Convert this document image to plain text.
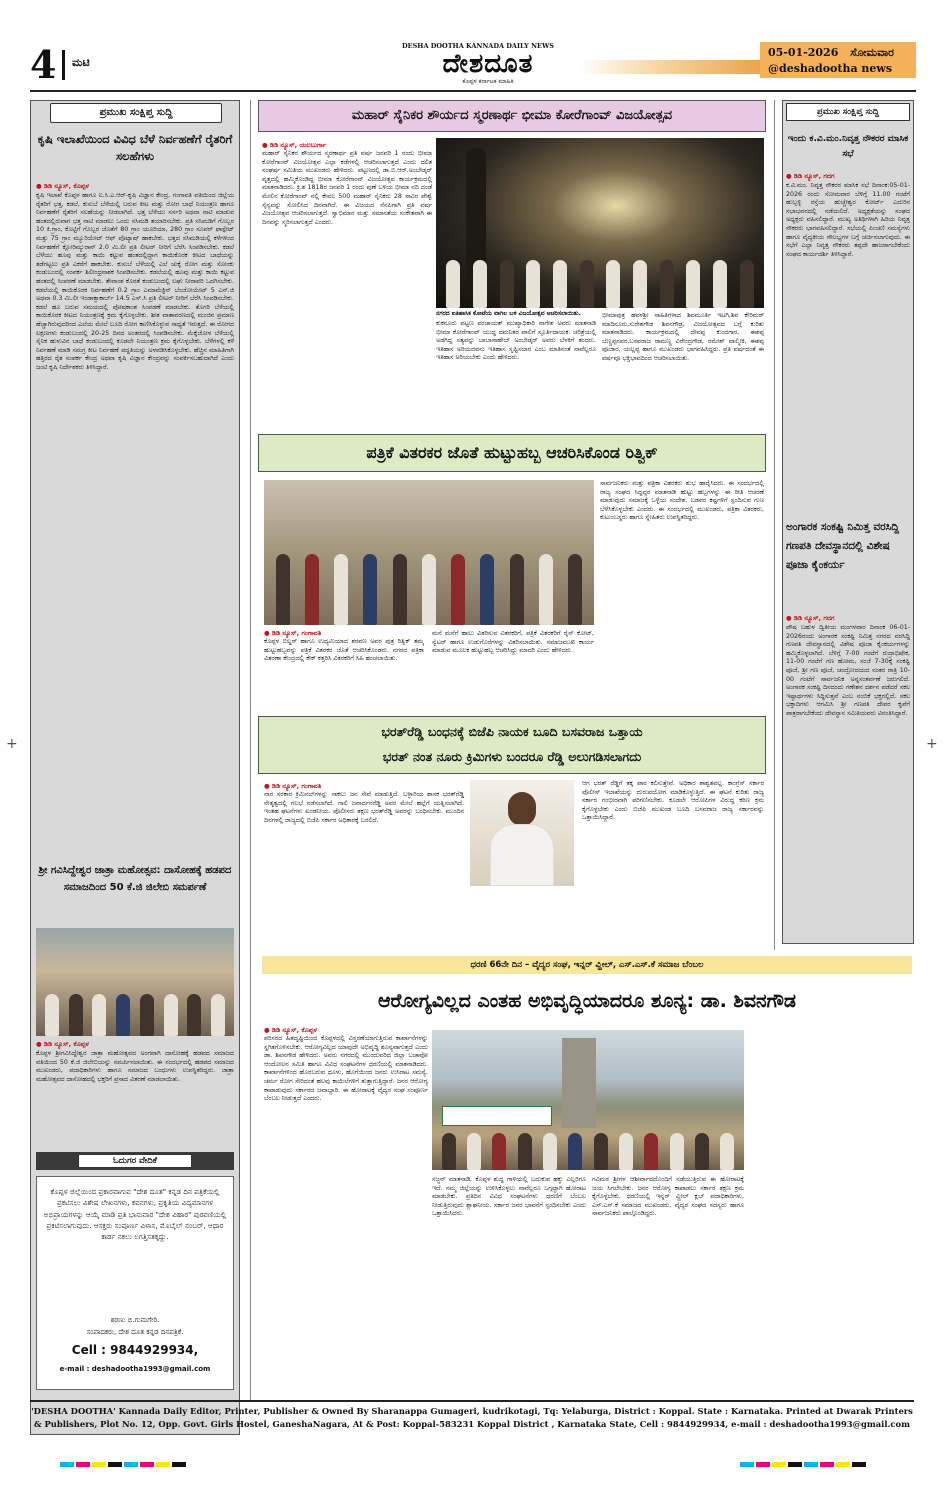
4 ಮಟಿ
DESHA DOOTHA KANNADA DAILY NEWS
ದೇಶದೂತ
ಕೊಪ್ಪಳ ಕರ್ನಾಟಕ ಮಾಹಿತಿ
05-01-2026 ಸೋಮವಾರ
@deshadootha news
ಪ್ರಮುಖ ಸಂಕ್ಷಿಪ್ತ ಸುದ್ದಿ
ಕೃಷಿ ಇಲಾಖೆಯಿಂದ ವಿವಿಧ ಬೆಳೆ ನಿರ್ವಹಣೆಗೆ ರೈತರಿಗೆ ಸಲಹೆಗಳು
● ಡಿಡಿ ನ್ಯೂಸ್, ಕೊಪ್ಪಳ
ಕೃಷಿ ಇಲಾಖೆ ಕೊಪ್ಪಳ ಹಾಗೂ ಐ.ಸಿ.ಎ.ಆರ್-ಕೃಷಿ ವಿಜ್ಞಾನ ಕೇಂದ್ರ, ಗಂಗಾವತಿ ವತಿಯಿಂದ ಜಿಲ್ಲೆಯ ರೈತರಿಗೆ ಭತ್ತ, ಕಡಲೆ, ಕುಸುಬೆ ಬೆಳೆಯಲ್ಲಿ ಬರುವ ಕೀಟ ಮತ್ತು ರೋಗ ಬಾಧೆ ನಿಯಂತ್ರಣ ಹಾಗೂ ನಿರ್ವಹಣೆಗೆ ರೈತರಿಗೆ ಸಲಹೆಯನ್ನು ನೀಡಲಾಗಿದೆ. ಭತ್ತ ಬೆಳೆಯು ನರ್ಸರಿ ಅಥವಾ ನಾಟಿ ಮಾಡುವ ಹಂತದಲ್ಲಿರುವಾಗ ಭತ್ತ ನಾಟಿ ಮಾಡಲು ಒಂದು ಸಸಿಮಡಿ ತಯಾರಿಸಬೇಕು. ಪ್ರತಿ ಸಸಿಮಡಿಗೆ ಗೊಬ್ಬರ 10 ಕಿ.ಗ್ರಾಂ, ಕೊಟ್ಟಿಗೆ ಗೊಬ್ಬರ ಜೊತೆಗೆ 80 ಗ್ರಾಂ ಯೂರಿಯಾ, 280 ಗ್ರಾಂ ಸೂಪರ್ ಫಾಸ್ಫೇಟ್ ಮತ್ತು 75 ಗ್ರಾಂ ಮ್ಯೂರಿಯೇಟ್ ಆಫ್ ಪೊಟ್ಯಾಷ್ ಹಾಕಬೇಕು. ಭತ್ತದ ಸಸಿಮಡಿಯಲ್ಲಿ ಕಳೆಗಳಿಂದ ನಿರ್ವಹಣೆಗೆ ಕ್ಲೋರಿಮ್ಯುರಾನ್ 2.0 ಮಿ.ಲೀ ಪ್ರತಿ ಲೀಟರ್ ನೀರಿಗೆ ಬೆರೆಸಿ ಸಿಂಪಡಿಸಬೇಕು. ಕಡಲೆ ಬೆಳೆಯು ಹೂವು ಮತ್ತು ಕಾಯಿ ಕಟ್ಟುವ ಹಂತದಲ್ಲಿದ್ದಾಗ ಕಾಯಿಕೊರಕ ಕೀಟದ ಬಾಧೆಯನ್ನು ತಡೆಗಟ್ಟಲು ಪ್ರತಿ ಎಕರೆಗೆ ಹಾಕಬೇಕು. ಕುಸುಬೆ ಬೆಳೆಯಲ್ಲಿ ಎಲೆ ಚುಕ್ಕೆ ರೋಗ ಮತ್ತು ಸೋಂಕು ಕಂಡುಬಂದಲ್ಲಿ ಸಂಪರ್ಕ ಶಿಲೀಂಧ್ರನಾಶಕ ಸಿಂಪಡಿಸಬೇಕು. ಕಡಲೆಯಲ್ಲಿ ಹೂವು ಮತ್ತು ಕಾಯಿ ಕಟ್ಟುವ ಹಂತದಲ್ಲಿ ಸಿಂಪರಣೆ ಮಾಡಬೇಕು. ತೇವಾಂಶ ಕೊರತೆ ಕಂಡುಬಂದಲ್ಲಿ ಲಘು ನೀರಾವರಿ ಒದಗಿಸಬೇಕು. ಕಡಲೆಯಲ್ಲಿ ಕಾಯಿಕೊರಕ ನಿರ್ವಹಣೆಗೆ 0.2 ಗ್ರಾಂ ಎಮಾಮೆಕ್ಟಿನ್ ಬೆಂಜೋಯೇಟ್ 5 ಎಸ್.ಜಿ ಅಥವಾ 0.3 ಮಿ.ಲೀ ಇಂಡಾಕ್ಸಾಕಾರ್ಬ್ 14.5 ಎಸ್.ಸಿ ಪ್ರತಿ ಲೀಟರ್ ನೀರಿಗೆ ಬೆರೆಸಿ ಸಿಂಪಡಿಸಬೇಕು. ಕಡಲೆ ಹೂ ಬರುವ ಸಮಯದಲ್ಲಿ ಪೋಷಕಾಂಶ ಸಿಂಪಡಣೆ ಮಾಡಬೇಕು. ತೊಗರಿ ಬೆಳೆಯಲ್ಲಿ ಕಾಯಿಕೊರಕ ಕೀಟದ ನಿಯಂತ್ರಣಕ್ಕೆ ಕ್ರಮ ಕೈಗೊಳ್ಳಬೇಕು. ಶೀತ ವಾತಾವರಣದಲ್ಲಿ ಮಂಜಿನ ಪ್ರಮಾಣ ಹೆಚ್ಚಾಗಿರುವುದರಿಂದ ಎಲೆಯ ಮೇಲೆ ಬೂದಿ ರೋಗ ಕಾಣಿಸಿಕೊಳ್ಳುವ ಸಾಧ್ಯತೆ ಇರುತ್ತದೆ. ಈ ರೋಗದ ಲಕ್ಷಣಗಳು ಕಂಡುಬಂದಲ್ಲಿ 20-25 ದಿನದ ಅಂತರದಲ್ಲಿ ಸಿಂಪಡಿಸಬೇಕು. ಮೆಕ್ಕೆಜೋಳ ಬೆಳೆಯಲ್ಲಿ ಸೈನಿಕ ಹುಳುವಿನ ಬಾಧೆ ಕಂಡುಬಂದಲ್ಲಿ ಕೂಡಲೇ ನಿಯಂತ್ರಣ ಕ್ರಮ ಕೈಗೊಳ್ಳಬೇಕು. ಬೆಳೆಗಳಲ್ಲಿ ಕಳೆ ನಿರ್ವಹಣೆ ಮಾಡಿ ಸಮಗ್ರ ಕೀಟ ನಿರ್ವಹಣೆ ಪದ್ಧತಿಯನ್ನು ಅಳವಡಿಸಿಕೊಳ್ಳಬೇಕು. ಹೆಚ್ಚಿನ ಮಾಹಿತಿಗಾಗಿ ಹತ್ತಿರದ ರೈತ ಸಂಪರ್ಕ ಕೇಂದ್ರ ಅಥವಾ ಕೃಷಿ ವಿಜ್ಞಾನ ಕೇಂದ್ರವನ್ನು ಸಂಪರ್ಕಿಸಬಹುದಾಗಿದೆ ಎಂದು ಜಂಟಿ ಕೃಷಿ ನಿರ್ದೇಶಕರು ತಿಳಿಸಿದ್ದಾರೆ.
ಶ್ರೀ ಗವಿಸಿದ್ದೇಶ್ವರ ಜಾತ್ರಾ ಮಹೋತ್ಸವ: ದಾಸೋಹಕ್ಕೆ ಹಡಪದ ಸಮಾಜದಿಂದ 50 ಕೆ.ಜಿ ಜಿಲೇಬಿ ಸಮರ್ಪಣೆ
● ಡಿಡಿ ನ್ಯೂಸ್, ಕೊಪ್ಪಳ
ಕೊಪ್ಪಳ ಶ್ರೀಗವಿಸಿದ್ದೇಶ್ವರ ಜಾತ್ರಾ ಮಹೋತ್ಸವದ ಅಂಗವಾಗಿ ದಾಸೋಹಕ್ಕೆ ಹಡಪದ ಸಮಾಜದ ವತಿಯಿಂದ 50 ಕೆ.ಜಿ ಜಿಲೇಬಿಯನ್ನು ಸಮರ್ಪಿಸಲಾಯಿತು. ಈ ಸಂದರ್ಭದಲ್ಲಿ ಹಡಪದ ಸಮಾಜದ ಮುಖಂಡರು, ಪದಾಧಿಕಾರಿಗಳು ಹಾಗೂ ಸಮಾಜದ ಬಂಧುಗಳು ಉಪಸ್ಥಿತರಿದ್ದರು. ಜಾತ್ರಾ ಮಹೋತ್ಸವದ ದಾಸೋಹದಲ್ಲಿ ಭಕ್ತರಿಗೆ ಪ್ರಸಾದ ವಿತರಣೆ ಮಾಡಲಾಯಿತು.
ಓದುಗರ ವೇದಿಕೆ
ಕೊಪ್ಪಳ ಜಿಲ್ಲೆಯಿಂದ ಪ್ರಕಾರವಾಗುವ "ದೇಶ ದೂತ" ಕನ್ನಡ ದಿನ ಪತ್ರಿಕೆಯಲ್ಲಿ ಪ್ರಕಟಿಸಲು ವಿಶೇಷ ಲೇಖನಗಳು, ಕವನಗಳು, ಪ್ರಕೃತಿಯ ವಿದ್ಯಮಾನಗಳ ಅಭಿಪ್ರಾಯಗಳನ್ನು ಆಯ್ಕೆ ಮಾಡಿ ಪ್ರತಿ ಭಾನುವಾರ "ದೇಶ ವಿಹಾರ" ಪುರವಣಿಯಲ್ಲಿ ಪ್ರಕಟಿಸಲಾಗುವುದು. ಆಸಕ್ತರು ಸಂಪೂರ್ಣ ವಿಳಾಸ, ಮೊಬೈಲ್ ನಂಬರ್, ಆಧಾರ ಕಾರ್ಡ ನಕಲು ಲಗತ್ತಿಸತಕ್ಕದ್ದು.
ಶರಣು ಬಿ.ಗುಮಗೇರಿ.
ಸಂಪಾದಕರು, ದೇಶ ದೂತ ಕನ್ನಡ ದಿನಪತ್ರಿಕೆ.
Cell : 9844929934,
e-mail : deshadootha1993@gmail.com
ಮಹಾರ್ ಸೈನಿಕರ ಶೌರ್ಯದ ಸ್ಮರಣಾರ್ಥ ಭೀಮಾ ಕೋರೆಗಾಂವ್ ವಿಜಯೋತ್ಸವ
● ಡಿಡಿ ನ್ಯೂಸ್, ಯಲಬುರ್ಗಾ
ಮಹಾರ್ ಸೈನಿಕರ ಶೌರ್ಯದ ಸ್ಮರಣಾರ್ಥ ಪ್ರತಿ ವರ್ಷ ಜನವರಿ 1 ರಂದು ಭೀಮಾ ಕೋರೆಗಾಂವ್ ವಿಜಯೋತ್ಸವ ಎಲ್ಲಾ ಕಡೆಗಳಲ್ಲಿ ಆಚರಿಸಲಾಗುತ್ತದೆ ಎಂದು ದಲಿತ ಸಂಘರ್ಷ ಸಮಿತಿಯ ಮುಖಂಡರು ಹೇಳಿದರು. ಪಟ್ಟಣದಲ್ಲಿ ಡಾ.ಬಿ.ಆರ್.ಅಂಬೇಡ್ಕರ್ ವೃತ್ತದಲ್ಲಿ ಹಮ್ಮಿಕೊಂಡಿದ್ದ ಭೀಮಾ ಕೋರೆಗಾಂವ್ ವಿಜಯೋತ್ಸವ ಕಾರ್ಯಕ್ರಮದಲ್ಲಿ ಮಾತನಾಡಿದರು. ಕ್ರಿ.ಶ 1818ರ ಜನವರಿ 1 ರಂದು ಪುಣೆ ಬಳಿಯ ಭೀಮಾ ನದಿ ದಂಡೆ ಮೇಲಿನ ಕೋರೆಗಾಂವ್ ನಲ್ಲಿ ಕೇವಲ 500 ಮಹಾರ್ ಸೈನಿಕರು 28 ಸಾವಿರ ಪೇಶ್ವೆ ಸೈನ್ಯವನ್ನು ಸೋಲಿಸಿದ ದಿನವಾಗಿದೆ. ಈ ವಿಜಯದ ನೆನಪಿಗಾಗಿ ಪ್ರತಿ ವರ್ಷ ವಿಜಯೋತ್ಸವ ಆಚರಿಸಲಾಗುತ್ತದೆ. ಸ್ವಾಭಿಮಾನ ಮತ್ತು ಸಮಾನತೆಯ ಸಂಕೇತವಾಗಿ ಈ ದಿನವನ್ನು ಸ್ಮರಿಸಲಾಗುತ್ತದೆ ಎಂದರು.
ನಗರದ ಐತಿಹಾಸಿಕ ಕೋಟೆಯ ವಾಗಿಲ ಬಳಿ ವಿಜಯೋತ್ಸವ ಆಚರಿಸಲಾಯಿತು.
ಕುಕನೂರು ಪಟ್ಟಣ ಪಂಚಾಯತ್ ಮುಖ್ಯಾಧಿಕಾರಿ ನಾಗೇಶ ಅವರು ಮಾತನಾಡಿ ಭೀಮಾ ಕೋರೆಗಾಂವ್ ಯುದ್ಧ ದಮನಿತರ ಪಾಲಿಗೆ ಸ್ಫೂರ್ತಿದಾಯಕ. ಚರಿತ್ರೆಯಲ್ಲಿ ಅಡಗಿದ್ದ ಸತ್ಯವನ್ನು ಬಾಬಾಸಾಹೇಬ್ ಅಂಬೇಡ್ಕರ್ ಅವರು ಬೆಳಕಿಗೆ ತಂದರು. ಇತಿಹಾಸ ಅರಿಯದವನು ಇತಿಹಾಸ ಸೃಷ್ಟಿಸಲಾರ ಎಂಬ ಮಾತಿನಂತೆ ನಾವೆಲ್ಲರೂ ಇತಿಹಾಸ ಅರಿಯಬೇಕು ಎಂದು ಹೇಳಿದರು.
ಭೀಮಾಪುತ್ರ ಹವಳಶ್ರೀ ಸಾಹಿತಿಗಳಾದ ಶಿವಮೂರ್ತಿ ಇಟಗಿ,ಶಿವ ಕೇರಿಮಠ್ ಮಾದಿನೂರು,ಸುರೇಶಗೌಡ ಶಿವನಗೌಡ್ರ, ವಿಜಯೋತ್ಸವದ ಬಗ್ಗೆ ಕುರಿತು ಮಾತನಾಡಿದರು. ಕಾರ್ಯಕ್ರಮದಲ್ಲಿ ದೇವಪ್ಪ ಕುಂದಗಾರ, ಈಶಪ್ಪ ಬೆಣ್ಣಪ್ಪನವರ,ಬಸವರಾಜ ರಾಮಣ್ಣ ವಿರೇಂದ್ರಗೌಡ, ರಮೇಶ್ ವಾಲ್ಮೀಕಿ, ಈಶಪ್ಪ ಪೂಜಾರ, ಯಲ್ಲಪ್ಪ ಹಾಗೂ ಮುಖಂಡರು ಭಾಗವಹಿಸಿದ್ದರು. ಪ್ರತಿ ವರ್ಷದಂತೆ ಈ ವರ್ಷವೂ ಭಕ್ತಿಭಾವದಿಂದ ಆಚರಿಸಲಾಯಿತು.
ಪತ್ರಿಕೆ ವಿತರಕರ ಜೊತೆ ಹುಟ್ಟುಹಬ್ಬ ಆಚರಿಸಿಕೊಂಡ ರಿತ್ವಿಕ್
● ಡಿಡಿ ನ್ಯೂಸ್, ಗಂಗಾವತಿ
ಕೊಪ್ಪಳ ಬಿಲ್ಡರ್ ಹಾಗೂ ಉದ್ಯಮಿಯಾದ ಶರವಣ ಅವರ ಪುತ್ರ ರಿತ್ವಿಕ್ ತಮ್ಮ ಹುಟ್ಟುಹಬ್ಬವನ್ನು ಪತ್ರಿಕೆ ವಿತರಕರ ಜೊತೆ ಆಚರಿಸಿಕೊಂಡರು. ನಗರದ ಪತ್ರಿಕಾ ವಿತರಣಾ ಕೇಂದ್ರದಲ್ಲಿ ಕೇಕ್ ಕತ್ತರಿಸಿ ವಿತರಕರಿಗೆ ಸಿಹಿ ಹಂಚಲಾಯಿತು.
ಮನೆ ಮನೆಗೆ ಹಾಲು ವಿತರಿಸುವ ವಿತರಕರಿಗೆ, ಪತ್ರಿಕೆ ವಿತರಕರಿಗೆ ರೈನ್ ಕೋಟ್, ಸ್ವೆಟರ್ ಹಾಗೂ ಉಡುಗೊರೆಗಳನ್ನು ವಿತರಿಸಲಾಯಿತು. ಸಮಾಜಮುಖಿ ಕಾರ್ಯ ಮಾಡುವ ಮೂಲಕ ಹುಟ್ಟುಹಬ್ಬ ಆಚರಿಸಿದ್ದು ಮಾದರಿ ಎಂದು ಹೇಳಿದರು.
ಸಾರ್ವಜನಿಕರು ಮತ್ತು ಪತ್ರಿಕಾ ವಿತರಕರು ಶುಭ ಹಾರೈಸಿದರು. ಈ ಸಂದರ್ಭದಲ್ಲಿ ರಾಜ್ಯ ಸಂಘದ ಸಿದ್ದಪ್ಪರ ಮಾತನಾಡಿ ಹುಟ್ಟು ಹಬ್ಬಗಳನ್ನು ಈ ರೀತಿ ಆಚರಣೆ ಮಾಡುವುದು ಸಮಾಜಕ್ಕೆ ಒಳ್ಳೆಯ ಸಂದೇಶ. ಬಡವರ ಕಷ್ಟಗಳಿಗೆ ಸ್ಪಂದಿಸುವ ಗುಣ ಬೆಳೆಸಿಕೊಳ್ಳಬೇಕು ಎಂದರು. ಈ ಸಂದರ್ಭದಲ್ಲಿ ಮುಖಂಡರು, ಪತ್ರಿಕಾ ವಿತರಕರು, ಕುಟುಂಬಸ್ಥರು ಹಾಗೂ ಸ್ನೇಹಿತರು ಉಪಸ್ಥಿತರಿದ್ದರು.
ಭರತ್‌ರೆಡ್ಡಿ ಬಂಧನಕ್ಕೆ ಬಿಜೆಪಿ ನಾಯಕ ಬೂದಿ ಬಸವರಾಜ ಒತ್ತಾಯ
ಭರತ್ ನಂತ ನೂರು ಕ್ರಿಮಿಗಳು ಬಂದರೂ ರೆಡ್ಡಿ ಅಲುಗಡಿಸಲಾಗದು
● ಡಿಡಿ ನ್ಯೂಸ್, ಗಂಗಾವತಿ
ನಾರ ಸರಕಾರ ಕ್ರಿಮಿನಲ್‌ಗಳನ್ನು ಸಾಕಲು ಜನ ಸೇವೆ ಮಾಡುತ್ತಿದೆ. ಬಳ್ಳಾರಿಯ ಶಾಸಕ ಭರತ್‌ರೆಡ್ಡಿ ನೇತೃತ್ವದಲ್ಲಿ ಗಲಭೆ ನಡೆಸಲಾಗಿದೆ. ಗಾಲಿ ಜನಾರ್ದನರೆಡ್ಡಿ ಅವರ ಮೇಲೆ ಹಲ್ಲೆಗೆ ಯತ್ನಿಸಲಾಗಿದೆ. ಇಂತಹ ಘಟನೆಗಳು ಖಂಡನೀಯ. ಪೊಲೀಸರು ತಕ್ಷಣ ಭರತ್‌ರೆಡ್ಡಿ ಅವರನ್ನು ಬಂಧಿಸಬೇಕು. ಮುಂದಿನ ದಿನಗಳಲ್ಲಿ ರಾಜ್ಯದಲ್ಲಿ ಬಿಜೆಪಿ ಸರ್ಕಾರ ಅಧಿಕಾರಕ್ಕೆ ಬರಲಿದೆ.
ಆಗ ಭರತ್ ರೆಡ್ಡಿಗೆ ತಕ್ಕ ಪಾಠ ಕಲಿಸುತ್ತೇವೆ. ಅಧಿಕಾರ ಶಾಶ್ವತವಲ್ಲ. ಕಾಂಗ್ರೆಸ್ ಸರ್ಕಾರ ಪೊಲೀಸ್ ಇಲಾಖೆಯನ್ನು ದುರುಪಯೋಗ ಮಾಡಿಕೊಳ್ಳುತ್ತಿದೆ. ಈ ಘಟನೆ ಕುರಿತು ರಾಜ್ಯ ಸರ್ಕಾರ ಗಂಭೀರವಾಗಿ ಪರಿಗಣಿಸಬೇಕು. ಕೂಡಲೇ ಆರೋಪಿಗಳ ವಿರುದ್ಧ ಕಠಿಣ ಕ್ರಮ ಕೈಗೊಳ್ಳಬೇಕು ಎಂದು ಬಿಜೆಪಿ ಮುಖಂಡ ಬೂದಿ ಬಸವರಾಜ ರಾಜ್ಯ ಸರ್ಕಾರವನ್ನು ಒತ್ತಾಯಿಸಿದ್ದಾರೆ.
ಧರಣಿ 66ನೇ ದಿನ – ವೈದ್ಯರ ಸಂಘ, ಇನ್ನರ್ ವ್ಹೀಲ್, ಎಸ್.ಎಸ್.ಕೆ ಸಮಾಜ ಬೆಂಬಲ
ಆರೋಗ್ಯವಿಲ್ಲದ ಎಂತಹ ಅಭಿವೃದ್ಧಿಯಾದರೂ ಶೂನ್ಯ: ಡಾ. ಶಿವನಗೌಡ
● ಡಿಡಿ ನ್ಯೂಸ್, ಕೊಪ್ಪಳ
ಪರಿಸರದ ಹಿತದೃಷ್ಟಿಯಿಂದ ಕೊಪ್ಪಳದಲ್ಲಿ ವಿಸ್ತರಣೆಯಾಗುತ್ತಿರುವ ಕಾರ್ಖಾನೆಗಳನ್ನು ಸ್ಥಗಿತಗೊಳಿಸಬೇಕು. ಆರೋಗ್ಯವಿಲ್ಲದ ಯಾವುದೇ ಅಭಿವೃದ್ಧಿ ಶೂನ್ಯವಾಗುತ್ತದೆ ಎಂದು ಡಾ. ಶಿವನಗೌಡ ಹೇಳಿದರು. ಅವರು ನಗರದಲ್ಲಿ ಮುಂದುವರಿದ ಜಿಲ್ಲಾ ಬಚಾವೋ ಆಂದೋಲನ ಸಮಿತಿ ಹಾಗೂ ವಿವಿಧ ಸಂಘಟನೆಗಳ ಧರಣಿಯಲ್ಲಿ ಮಾತನಾಡಿದರು. ಕಾರ್ಖಾನೆಗಳಿಂದ ಹೊರಬರುವ ಧೂಳು, ಹೊಗೆಯಿಂದ ಜನರು ಉಸಿರಾಟ ಸಮಸ್ಯೆ, ಚರ್ಮ ರೋಗ ಸೇರಿದಂತೆ ಹಲವು ಕಾಯಿಲೆಗಳಿಗೆ ತುತ್ತಾಗುತ್ತಿದ್ದಾರೆ. ಜನರ ಆರೋಗ್ಯ ಕಾಪಾಡುವುದು ಸರ್ಕಾರದ ಜವಾಬ್ದಾರಿ. ಈ ಹೋರಾಟಕ್ಕೆ ವೈದ್ಯರ ಸಂಘ ಸಂಪೂರ್ಣ ಬೆಂಬಲ ನೀಡುತ್ತದೆ ಎಂದರು.
ಸಜ್ಜನ್ ಮಾತನಾಡಿ, ಕೊಪ್ಪಳ ಶುದ್ಧ ಗಾಳಿಯಲ್ಲಿ ಬದುಕುವ ಹಕ್ಕು ಎಲ್ಲರಿಗೂ ಇದೆ. ನಮ್ಮ ಜಿಲ್ಲೆಯನ್ನು ಉಳಿಸಿಕೊಳ್ಳಲು ನಾವೆಲ್ಲರೂ ಒಗ್ಗಟ್ಟಾಗಿ ಹೋರಾಟ ಮಾಡಬೇಕು. ಪ್ರತಿದಿನ ವಿವಿಧ ಸಂಘಟನೆಗಳು ಧರಣಿಗೆ ಬೆಂಬಲ ನೀಡುತ್ತಿರುವುದು ಶ್ಲಾಘನೀಯ. ಸರ್ಕಾರ ಜನರ ಭಾವನೆಗೆ ಸ್ಪಂದಿಸಬೇಕು ಎಂದು ಒತ್ತಾಯಿಸಿದರು.
ಗವಿಮಠ ಶ್ರೀಗಳ ಆಶೀರ್ವಾದದೊಂದಿಗೆ ನಡೆಯುತ್ತಿರುವ ಈ ಹೋರಾಟಕ್ಕೆ ಜಯ ಸಿಗಲೇಬೇಕು. ಜನರ ಆರೋಗ್ಯ ಕಾಪಾಡಲು ಸರ್ಕಾರ ತಕ್ಷಣ ಕ್ರಮ ಕೈಗೊಳ್ಳಬೇಕು. ಧರಣಿಯಲ್ಲಿ ಇನ್ನರ್ ವ್ಹೀಲ್ ಕ್ಲಬ್ ಪದಾಧಿಕಾರಿಗಳು, ಎಸ್.ಎಸ್.ಕೆ ಸಮಾಜದ ಮುಖಂಡರು, ವೈದ್ಯರ ಸಂಘದ ಸದಸ್ಯರು ಹಾಗೂ ಸಾರ್ವಜನಿಕರು ಪಾಲ್ಗೊಂಡಿದ್ದರು.
ಪ್ರಮುಖ ಸಂಕ್ಷಿಪ್ತ ಸುದ್ದಿ
ಇಂದು ಕ.ವಿ.ಮಂ.ನಿವೃತ್ತ ನೌಕರರ ಮಾಸಿಕ ಸಭೆ
● ಡಿಡಿ ನ್ಯೂಸ್, ಗದಗ
ಕ.ವಿ.ಮಂ. ನಿವೃತ್ತ ನೌಕರರ ಮಾಸಿಕ ಸಭೆ ದಿನಾಂಕ:05-01-2026 ರಂದು ಸೋಮವಾರ ಬೆಳಿಗ್ಗೆ 11.00 ಗಂಟೆಗೆ ಹುಬ್ಬಳ್ಳಿ ರಸ್ತೆಯ ಹುಚ್ಚೇಶ್ವರ ಕೋರ್ಟ್ ಎದುರಿನ ಸಭಾಭವನದಲ್ಲಿ ನಡೆಯಲಿದೆ. ಅಧ್ಯಕ್ಷತೆಯನ್ನು ಸಂಘದ ಅಧ್ಯಕ್ಷರು ವಹಿಸಲಿದ್ದಾರೆ. ಮುಖ್ಯ ಅತಿಥಿಗಳಾಗಿ ಹಿರಿಯ ನಿವೃತ್ತ ನೌಕರರು ಭಾಗವಹಿಸಲಿದ್ದಾರೆ. ಸಭೆಯಲ್ಲಿ ಪಿಂಚಣಿ ಸಮಸ್ಯೆಗಳು ಹಾಗೂ ವೈದ್ಯಕೀಯ ಸೌಲಭ್ಯಗಳ ಬಗ್ಗೆ ಚರ್ಚಿಸಲಾಗುವುದು. ಈ ಸಭೆಗೆ ಎಲ್ಲಾ ನಿವೃತ್ತ ನೌಕರರು ತಪ್ಪದೇ ಹಾಜರಾಗಬೇಕೆಂದು ಸಂಘದ ಕಾರ್ಯದರ್ಶಿ ತಿಳಿಸಿದ್ದಾರೆ.
ಅಂಗಾರಕ ಸಂಕಷ್ಟಿ ನಿಮಿತ್ತ ವರಸಿದ್ದಿ ಗಣಪತಿ ದೇವಸ್ಥಾನದಲ್ಲಿ ವಿಶೇಷ ಪೂಜಾ ಕೈಂಕರ್ಯ
● ಡಿಡಿ ನ್ಯೂಸ್, ಗದಗ
ಪೌಷ ಬಹುಳ ದ್ವಿತೀಯ ಮಂಗಳವಾರ ದಿನಾಂಕ 06-01-2026ರಂದು ಅಂಗಾರಕ ಸಂಕಷ್ಟಿ ನಿಮಿತ್ತ ನಗರದ ವರಸಿದ್ದಿ ಗಣಪತಿ ದೇವಸ್ಥಾನದಲ್ಲಿ ವಿಶೇಷ ಪೂಜಾ ಕೈಂಕರ್ಯಗಳನ್ನು ಹಮ್ಮಿಕೊಳ್ಳಲಾಗಿದೆ. ಬೆಳಿಗ್ಗೆ 7-00 ಗಂಟೆಗೆ ರುದ್ರಾಭಿಷೇಕ, 11-00 ಗಂಟೆಗೆ ಗಣ ಹೋಮ, ಸಂಜೆ 7-30ಕ್ಕೆ ಸಂಕಷ್ಟಿ ಪೂಜೆ, ಶ್ರೀ ಗಣ ಪೂಜೆ, ಚಂದ್ರೋದಯದ ನಂತರ ರಾತ್ರಿ 10-00 ಗಂಟೆಗೆ ಸಾರ್ವಜನಿಕ ಅನ್ನಸಂತರ್ಪಣೆ ಜರುಗಲಿದೆ. ಅಂಗಾರಕ ಸಂಕಷ್ಟಿ ದಿನದಂದು ಗಣೇಶನ ದರ್ಶನ ಪಡೆದರೆ ಸಕಲ ಇಷ್ಟಾರ್ಥಗಳು ಸಿದ್ಧಿಸುತ್ತವೆ ಎಂಬ ನಂಬಿಕೆ ಭಕ್ತರಲ್ಲಿದೆ. ಸಕಲ ಭಕ್ತಾದಿಗಳು ಆಗಮಿಸಿ ಶ್ರೀ ಗಣಪತಿ ದೇವರ ಕೃಪೆಗೆ ಪಾತ್ರರಾಗಬೇಕೆಂದು ದೇವಸ್ಥಾನ ಸಮಿತಿಯವರು ವಿನಂತಿಸಿದ್ದಾರೆ.
+	+
'DESHA DOOTHA' Kannada Daily Editor, Printer, Publisher & Owned By Sharanappa Gumageri, kudrikotagi, Tq: Yelaburga, District : Koppal. State : Karnataka. Printed at Dwarak Printers & Publishers, Plot No. 12, Opp. Govt. Girls Hostel, GaneshaNagara, At & Post: Koppal-583231 Koppal District , Karnataka State, Cell : 9844929934, e-mail : deshadootha1993@gmail.com
